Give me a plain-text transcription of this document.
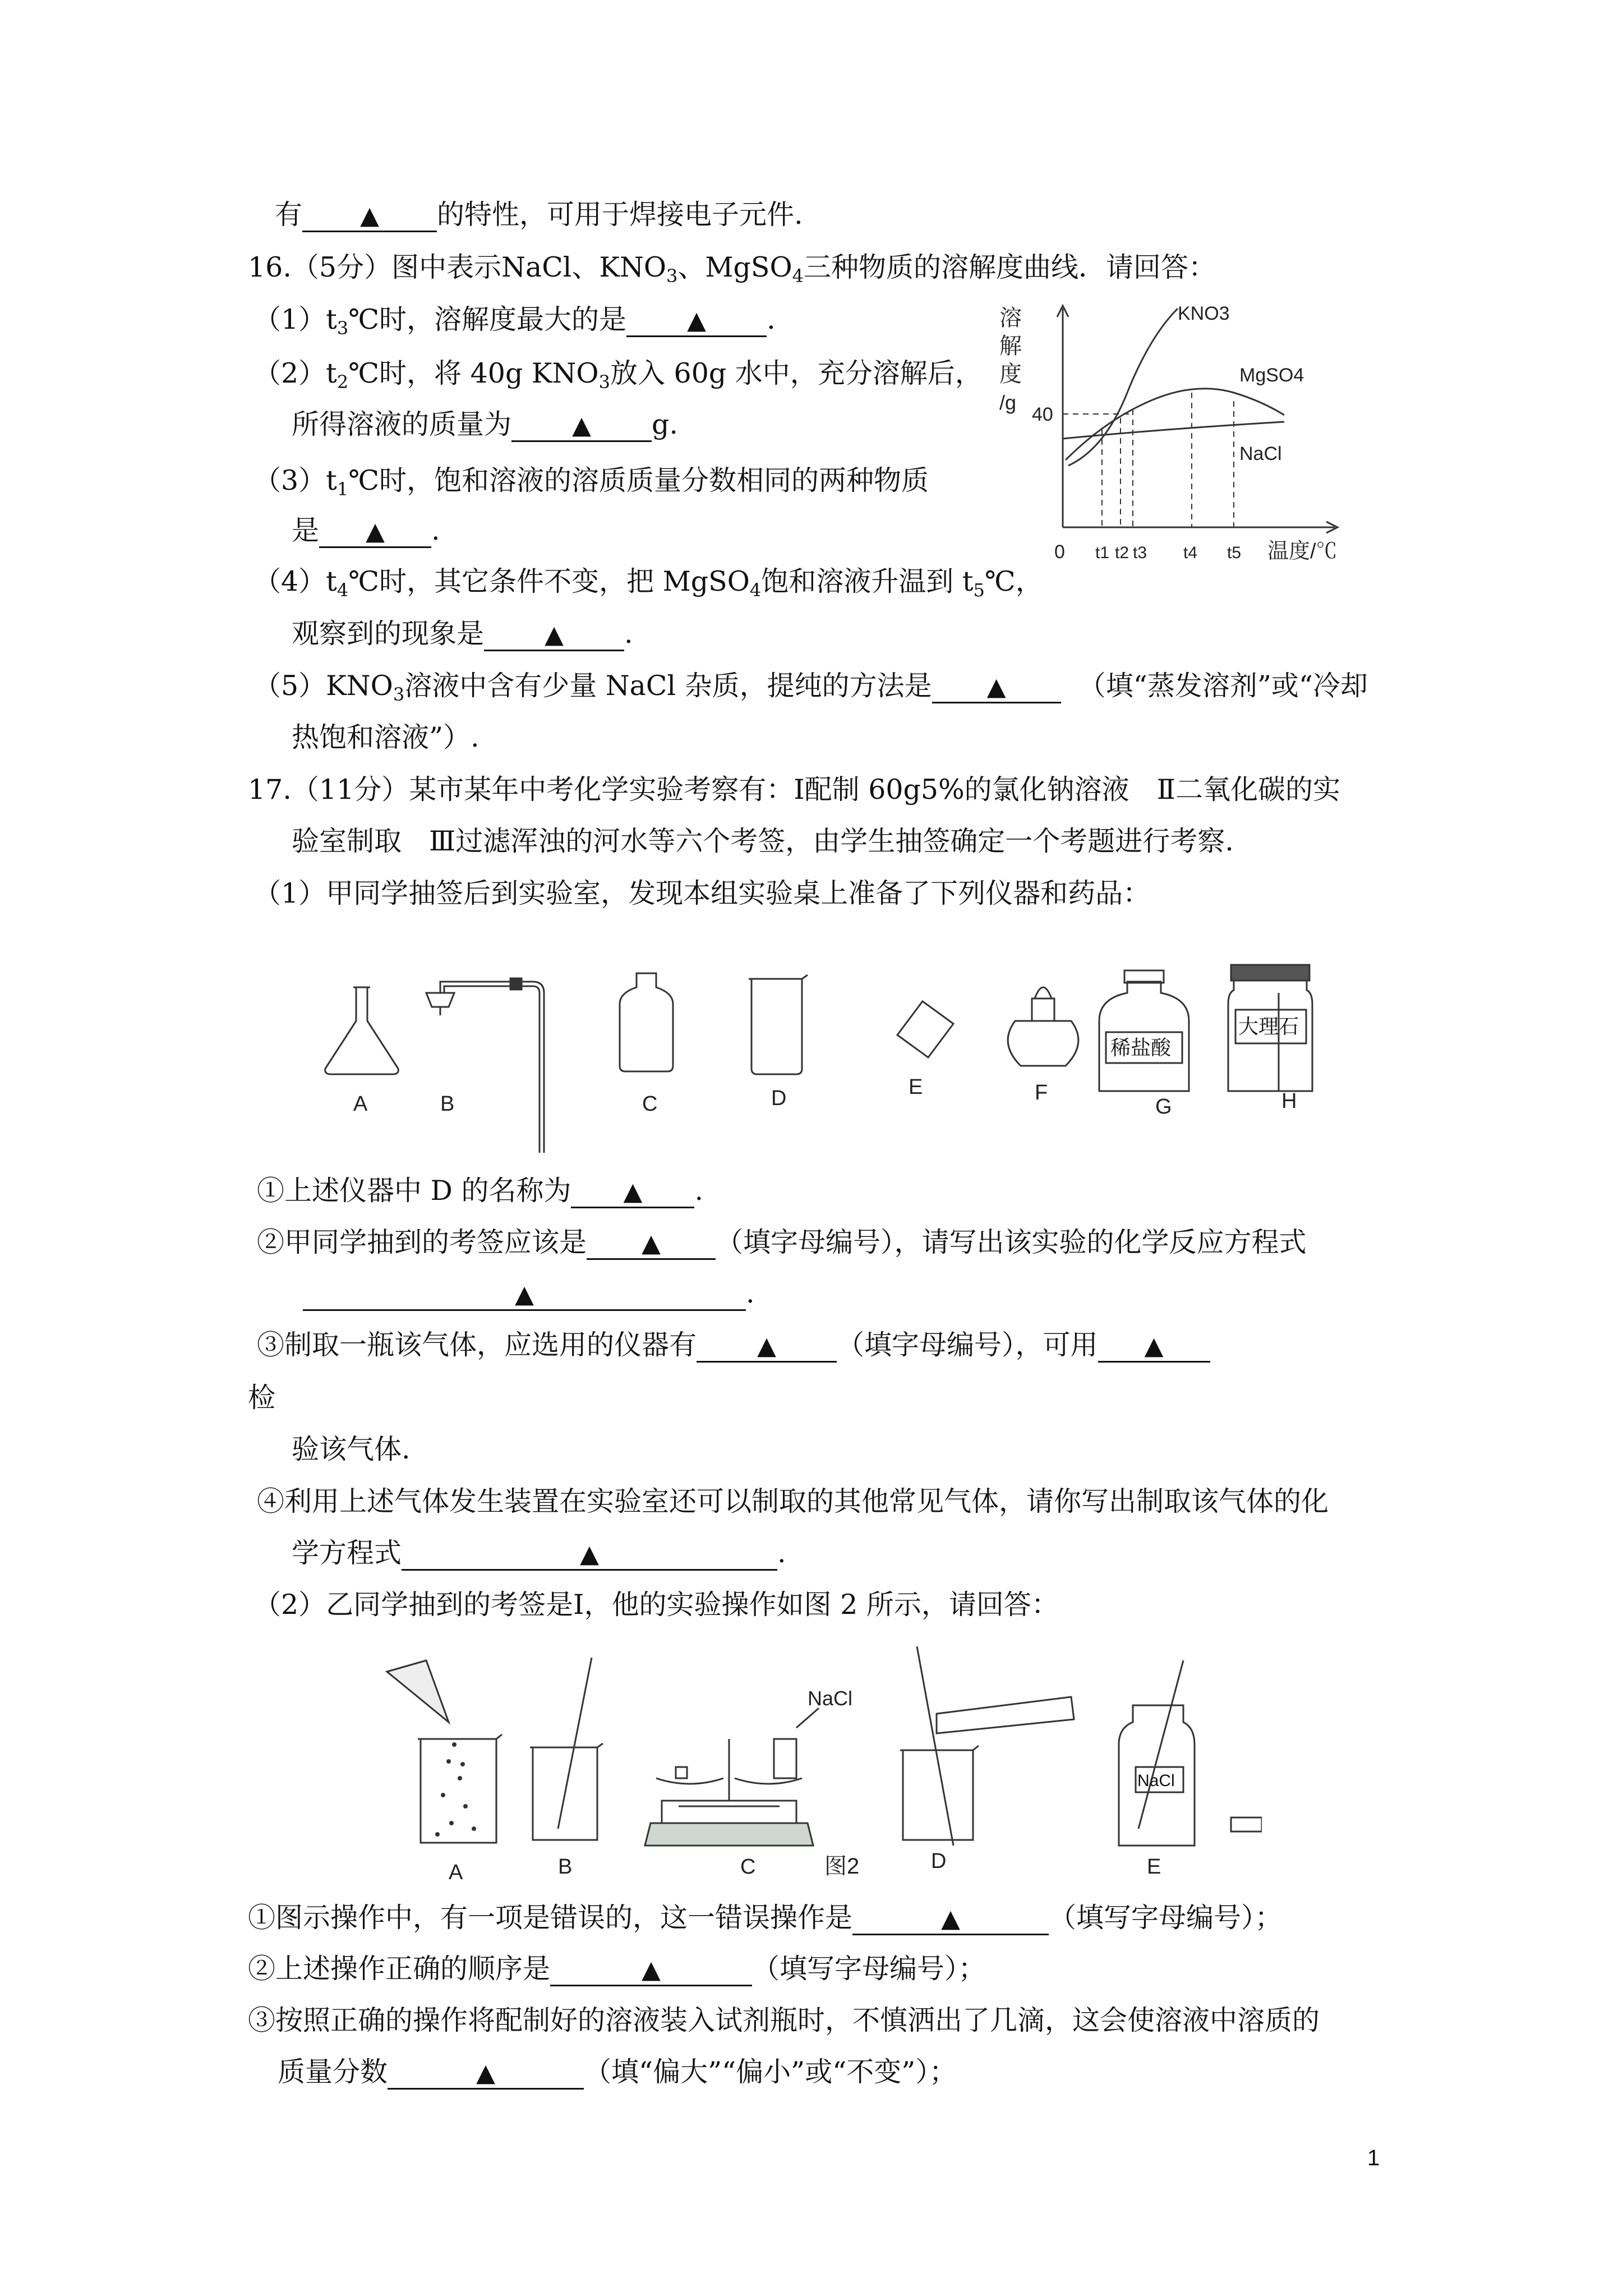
有 ▲ 的特性，可用于焊接电子元件.
16.（5分）图中表示NaCl、$KNO_3$、MgSO$_4$三种物质的溶解度曲线．请回答：
$(1)t_3℃$时，溶解度最大的是 ▲ .
$(2)t_2℃$时，将 40g $KNO_3$放入 60g 水中，充分溶解后，
所得溶液的质量为 ▲ g.
$(3)t_1℃$时，饱和溶液的溶质质量分数相同的两种物质
是 ▲ .
$(4)t_4℃$时，其它条件不变，把 MgSO$_4$饱和溶液升温到 $t_5℃$，
观察到的现象是 ▲ .
$(5)KNO_3$溶液中含有少量 NaCl 杂质，提纯的方法是 ▲	（填“蒸发溶剂”或“冷却
热饱和溶液”）.
17.（11分）某市某年中考化学实验考察有：Ⅰ配制 60g5%的氯化钠溶液　Ⅱ二氧化碳的实
验室制取　Ⅲ过滤浑浊的河水等六个考签，由学生抽签确定一个考题进行考察.
（1）甲同学抽签后到实验室，发现本组实验桌上准备了下列仪器和药品：
①上述仪器中 D 的名称为 ▲ .
②甲同学抽到的考签应该是 ▲ （填字母编号），请写出该实验的化学反应方程式
▲	.
③制取一瓶该气体，应选用的仪器有 ▲ （填字母编号），可用 ▲
检
验该气体.
④利用上述气体发生装置在实验室还可以制取的其他常见气体，请你写出制取该气体的化
学方程式	▲	.
（2）乙同学抽到的考签是Ⅰ，他的实验操作如图 2 所示，请回答：
①图示操作中，有一项是错误的，这一错误操作是	▲	（填写字母编号）；
②上述操作正确的顺序是	▲	（填写字母编号）；
③按照正确的操作将配制好的溶液装入试剂瓶时，不慎洒出了几滴，这会使溶液中溶质的
质量分数	▲	（填“偏大”“偏小”或“不变”）；
1
溶
解
度
/g
40
0 t1 t2 t3 t4 t5 温度/℃
KNO3
MgSO4
NaCl
稀盐酸
大理石
A	B	C	D	E	F
G	H
NaCl
NaCl
A	B	C	D	E
图2
